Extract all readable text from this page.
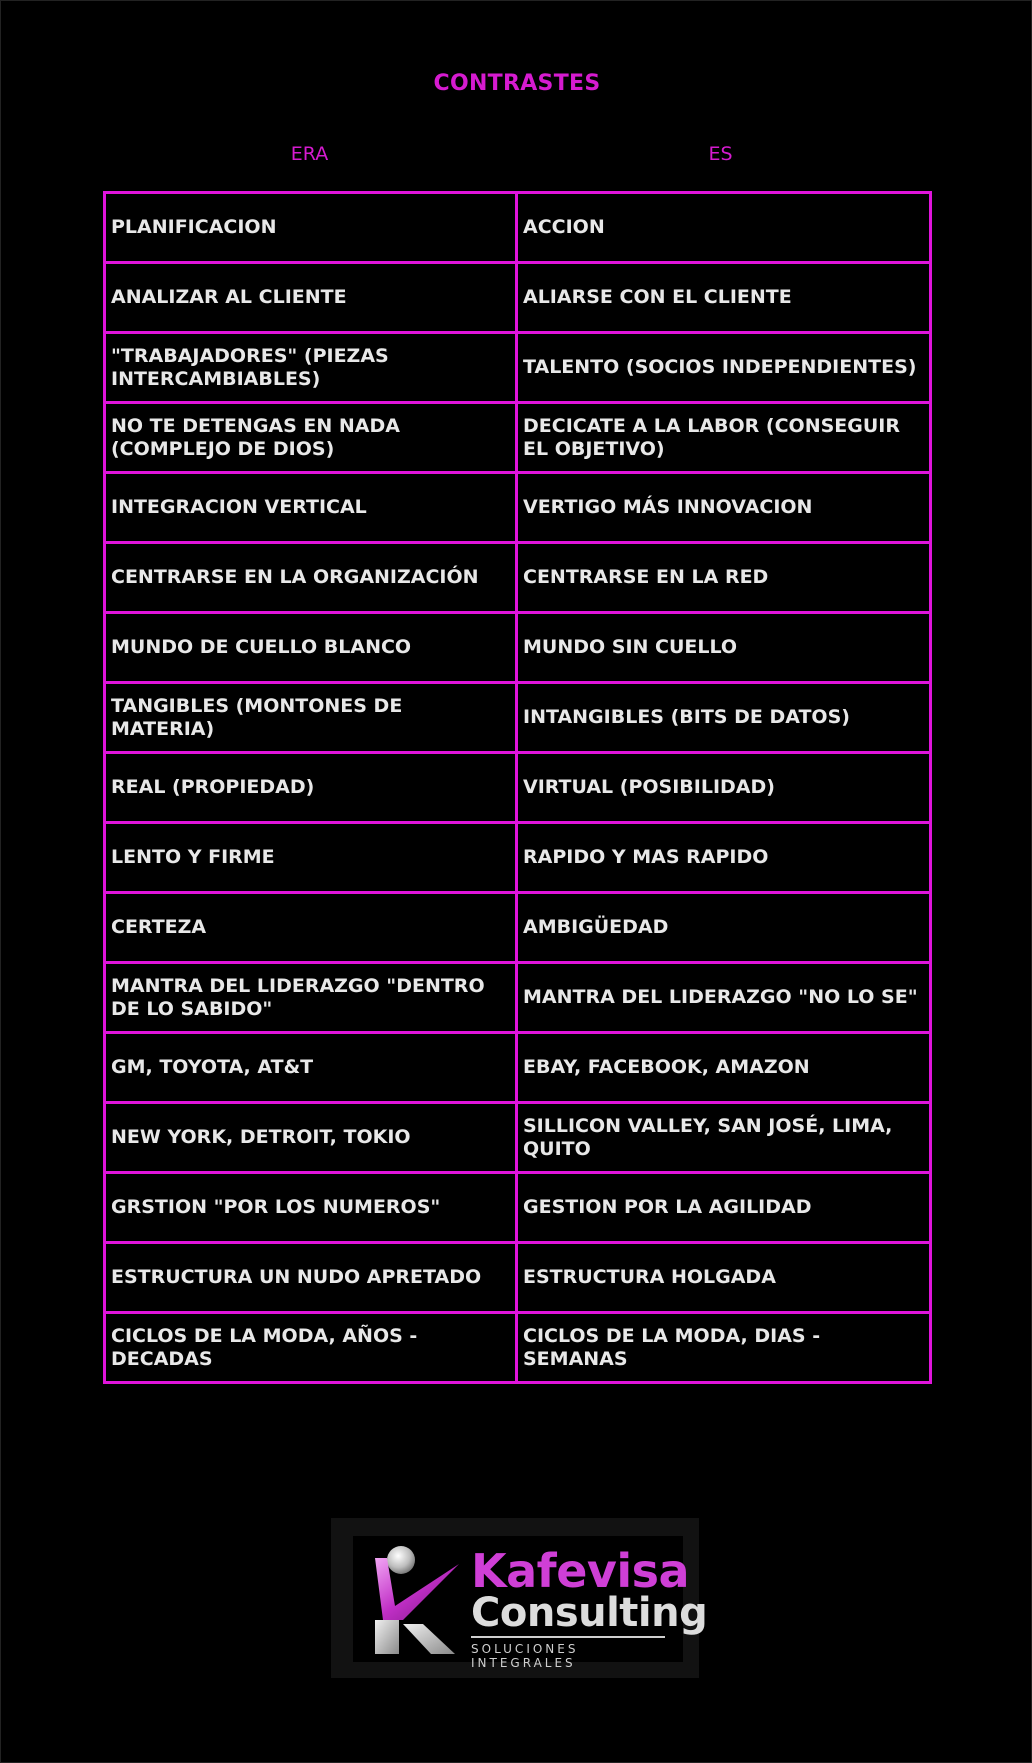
CONTRASTES
ERA	ES
PLANIFICACION	ACCION
ANALIZAR AL CLIENTE	ALIARSE CON EL CLIENTE
"TRABAJADORES" (PIEZAS INTERCAMBIABLES)	TALENTO (SOCIOS INDEPENDIENTES)
NO TE DETENGAS EN NADA (COMPLEJO DE DIOS)	DECICATE A LA LABOR (CONSEGUIR EL OBJETIVO)
INTEGRACION VERTICAL	VERTIGO MÁS INNOVACION
CENTRARSE EN LA ORGANIZACIÓN	CENTRARSE EN LA RED
MUNDO DE CUELLO BLANCO	MUNDO SIN CUELLO
TANGIBLES (MONTONES DE MATERIA)	INTANGIBLES (BITS DE DATOS)
REAL (PROPIEDAD)	VIRTUAL (POSIBILIDAD)
LENTO Y FIRME	RAPIDO Y MAS RAPIDO
CERTEZA	AMBIGÜEDAD
MANTRA DEL LIDERAZGO "DENTRO DE LO SABIDO"	MANTRA DEL LIDERAZGO "NO LO SE"
GM, TOYOTA, AT&T	EBAY, FACEBOOK, AMAZON
NEW YORK, DETROIT, TOKIO	SILLICON VALLEY, SAN JOSÉ, LIMA, QUITO
GRSTION "POR LOS NUMEROS"	GESTION POR LA AGILIDAD
ESTRUCTURA UN NUDO APRETADO	ESTRUCTURA HOLGADA
CICLOS DE LA MODA, AÑOS - DECADAS	CICLOS DE LA MODA, DIAS - SEMANAS
Kafevisa
Consulting
SOLUCIONES INTEGRALES
